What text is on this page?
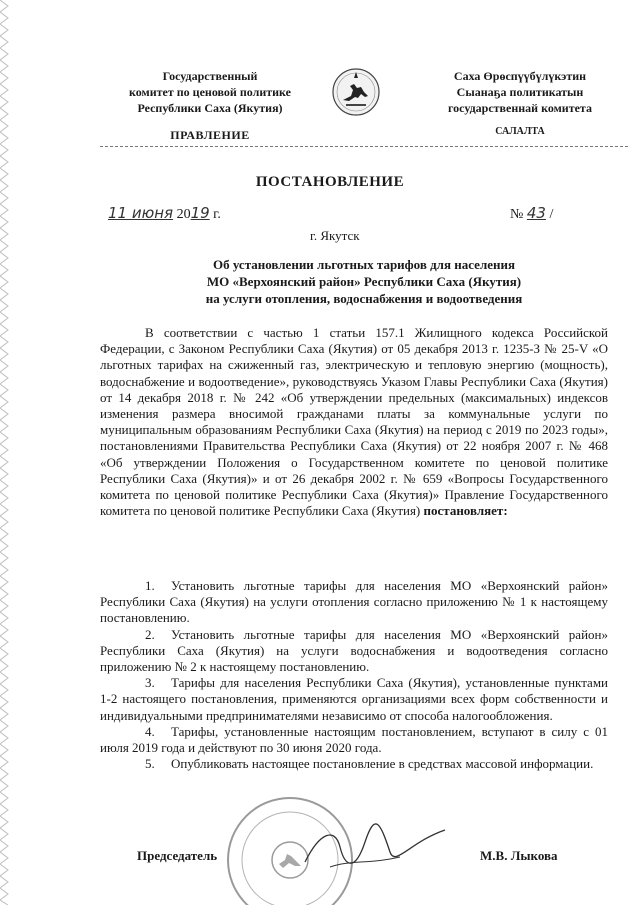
Государственный
комитет по ценовой политике
Республики Саха (Якутия)
Саха Өрөспүүбүлүкэтин
Сыанаҕа политикатын
государственнай комитета
ПРАВЛЕНИЕ	САЛАЛТА
ПОСТАНОВЛЕНИЕ
11 июня 2019 г.	№ 43 /
г. Якутск
Об установлении льготных тарифов для населения
МО «Верхоянский район» Республики Саха (Якутия)
на услуги отопления, водоснабжения и водоотведения
В соответствии с частью 1 статьи 157.1 Жилищного кодекса Российской Федерации, с Законом Республики Саха (Якутия) от 05 декабря 2013 г. 1235-З № 25-V «О льготных тарифах на сжиженный газ, электрическую и тепловую энергию (мощность), водоснабжение и водоотведение», руководствуясь Указом Главы Республики Саха (Якутия) от 14 декабря 2018 г. № 242 «Об утверждении предельных (максимальных) индексов изменения размера вносимой гражданами платы за коммунальные услуги по муниципальным образованиям Республики Саха (Якутия) на период с 2019 по 2023 годы», постановлениями Правительства Республики Саха (Якутия) от 22 ноября 2007 г. № 468 «Об утверждении Положения о Государственном комитете по ценовой политике Республики Саха (Якутия)» и от 26 декабря 2002 г. № 659 «Вопросы Государственного комитета по ценовой политике Республики Саха (Якутия)» Правление Государственного комитета по ценовой политике Республики Саха (Якутия) постановляет:

1. Установить льготные тарифы для населения МО «Верхоянский район» Республики Саха (Якутия) на услуги отопления согласно приложению № 1 к настоящему постановлению.

2. Установить льготные тарифы для населения МО «Верхоянский район» Республики Саха (Якутия) на услуги водоснабжения и водоотведения согласно приложению № 2 к настоящему постановлению.

3. Тарифы для населения Республики Саха (Якутия), установленные пунктами 1-2 настоящего постановления, применяются организациями всех форм собственности и индивидуальными предпринимателями независимо от способа налогообложения.

4. Тарифы, установленные настоящим постановлением, вступают в силу с 01 июля 2019 года и действуют по 30 июня 2020 года.

5. Опубликовать настоящее постановление в средствах массовой информации.

Председатель	М.В. Лыкова
